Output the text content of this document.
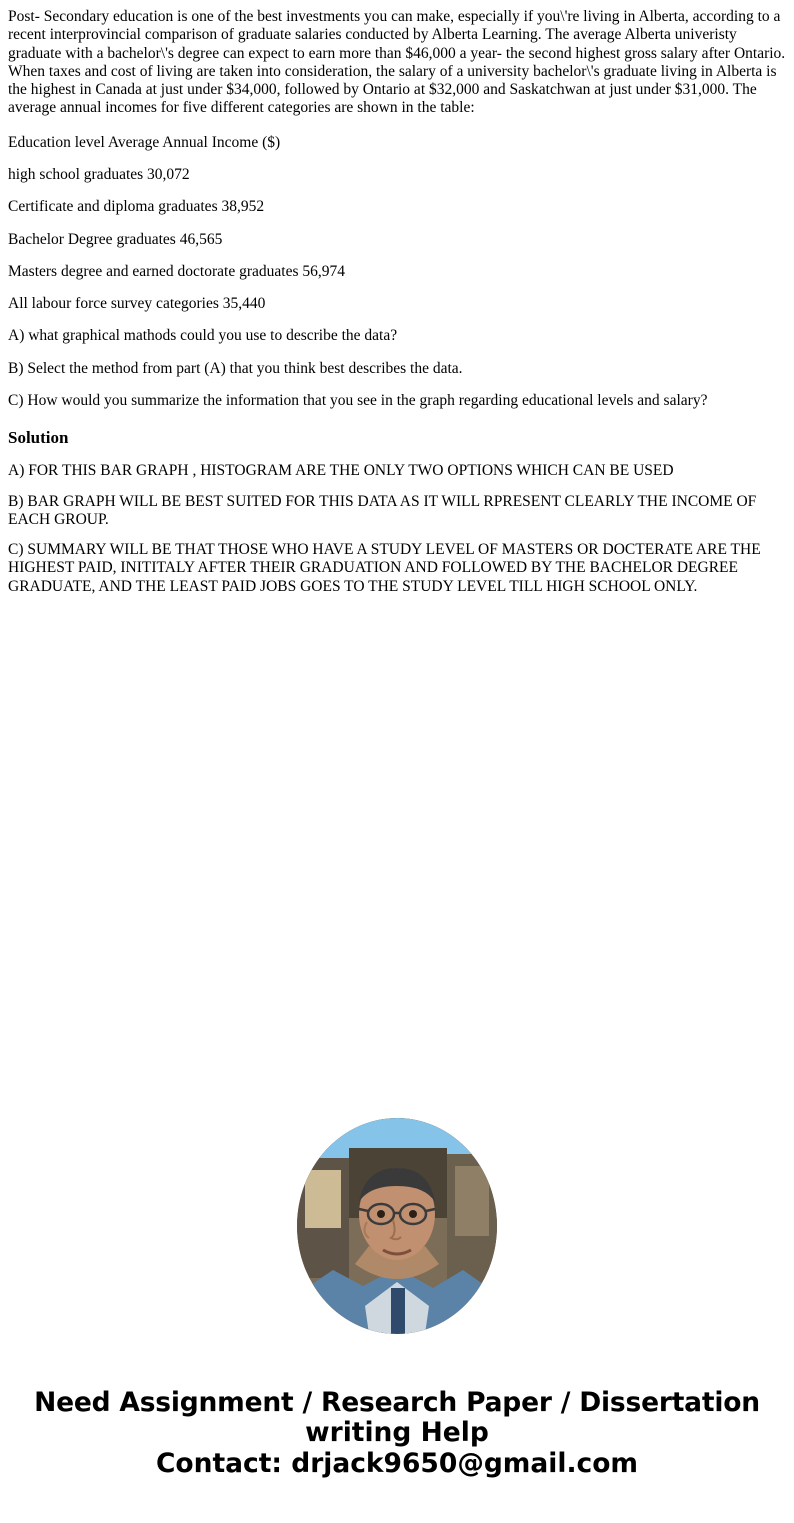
Post- Secondary education is one of the best investments you can make, especially if you\'re living in Alberta, according to a recent interprovincial comparison of graduate salaries conducted by Alberta Learning. The average Alberta univeristy graduate with a bachelor\'s degree can expect to earn more than $46,000 a year- the second highest gross salary after Ontario. When taxes and cost of living are taken into consideration, the salary of a university bachelor\'s graduate living in Alberta is the highest in Canada at just under $34,000, followed by Ontario at $32,000 and Saskatchwan at just under $31,000. The average annual incomes for five different categories are shown in the table:

Education level Average Annual Income ($)

high school graduates 30,072

Certificate and diploma graduates 38,952

Bachelor Degree graduates 46,565

Masters degree and earned doctorate graduates 56,974

All labour force survey categories 35,440

A) what graphical mathods could you use to describe the data?

B) Select the method from part (A) that you think best describes the data.

C) How would you summarize the information that you see in the graph regarding educational levels and salary?

Solution

A) FOR THIS BAR GRAPH , HISTOGRAM ARE THE ONLY TWO OPTIONS WHICH CAN BE USED

B) BAR GRAPH WILL BE BEST SUITED FOR THIS DATA AS IT WILL RPRESENT CLEARLY THE INCOME OF EACH GROUP.

C) SUMMARY WILL BE THAT THOSE WHO HAVE A STUDY LEVEL OF MASTERS OR DOCTERATE ARE THE HIGHEST PAID, INITITALY AFTER THEIR GRADUATION AND FOLLOWED BY THE BACHELOR DEGREE GRADUATE, AND THE LEAST PAID JOBS GOES TO THE STUDY LEVEL TILL HIGH SCHOOL ONLY.

Need Assignment / Research Paper / Dissertation
writing Help
Contact: drjack9650@gmail.com
